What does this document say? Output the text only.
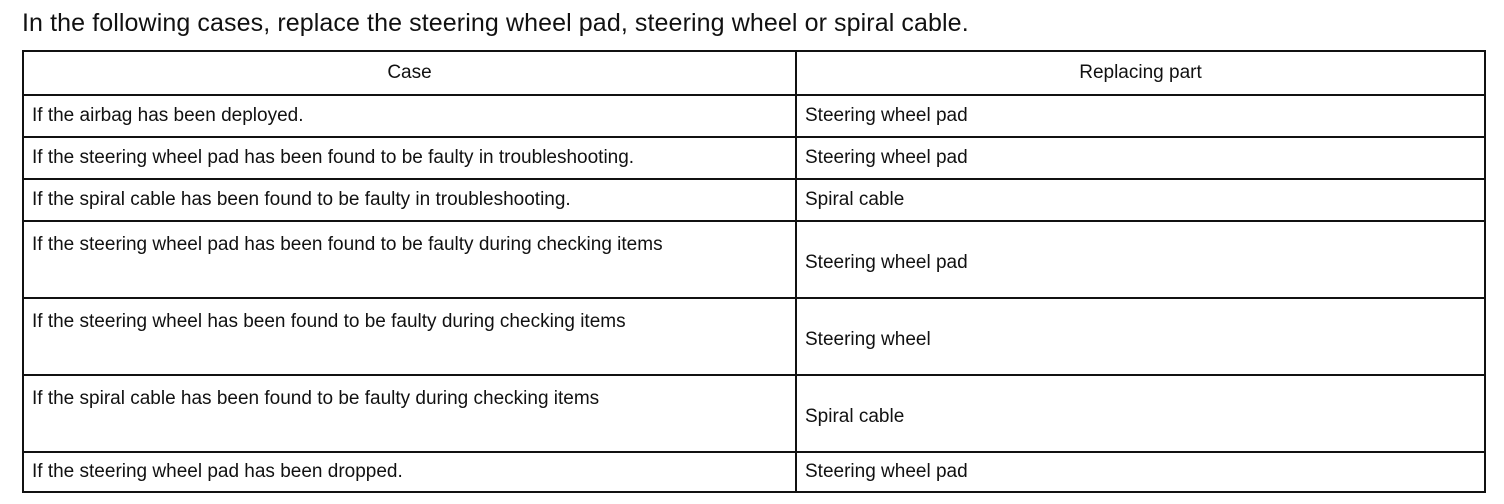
In the following cases, replace the steering wheel pad, steering wheel or spiral cable.
Case	Replacing part
If the airbag has been deployed.	Steering wheel pad
If the steering wheel pad has been found to be faulty in troubleshooting.	Steering wheel pad
If the spiral cable has been found to be faulty in troubleshooting.	Spiral cable
If the steering wheel pad has been found to be faulty during checking items	Steering wheel pad
If the steering wheel has been found to be faulty during checking items	Steering wheel
If the spiral cable has been found to be faulty during checking items	Spiral cable
If the steering wheel pad has been dropped.	Steering wheel pad
